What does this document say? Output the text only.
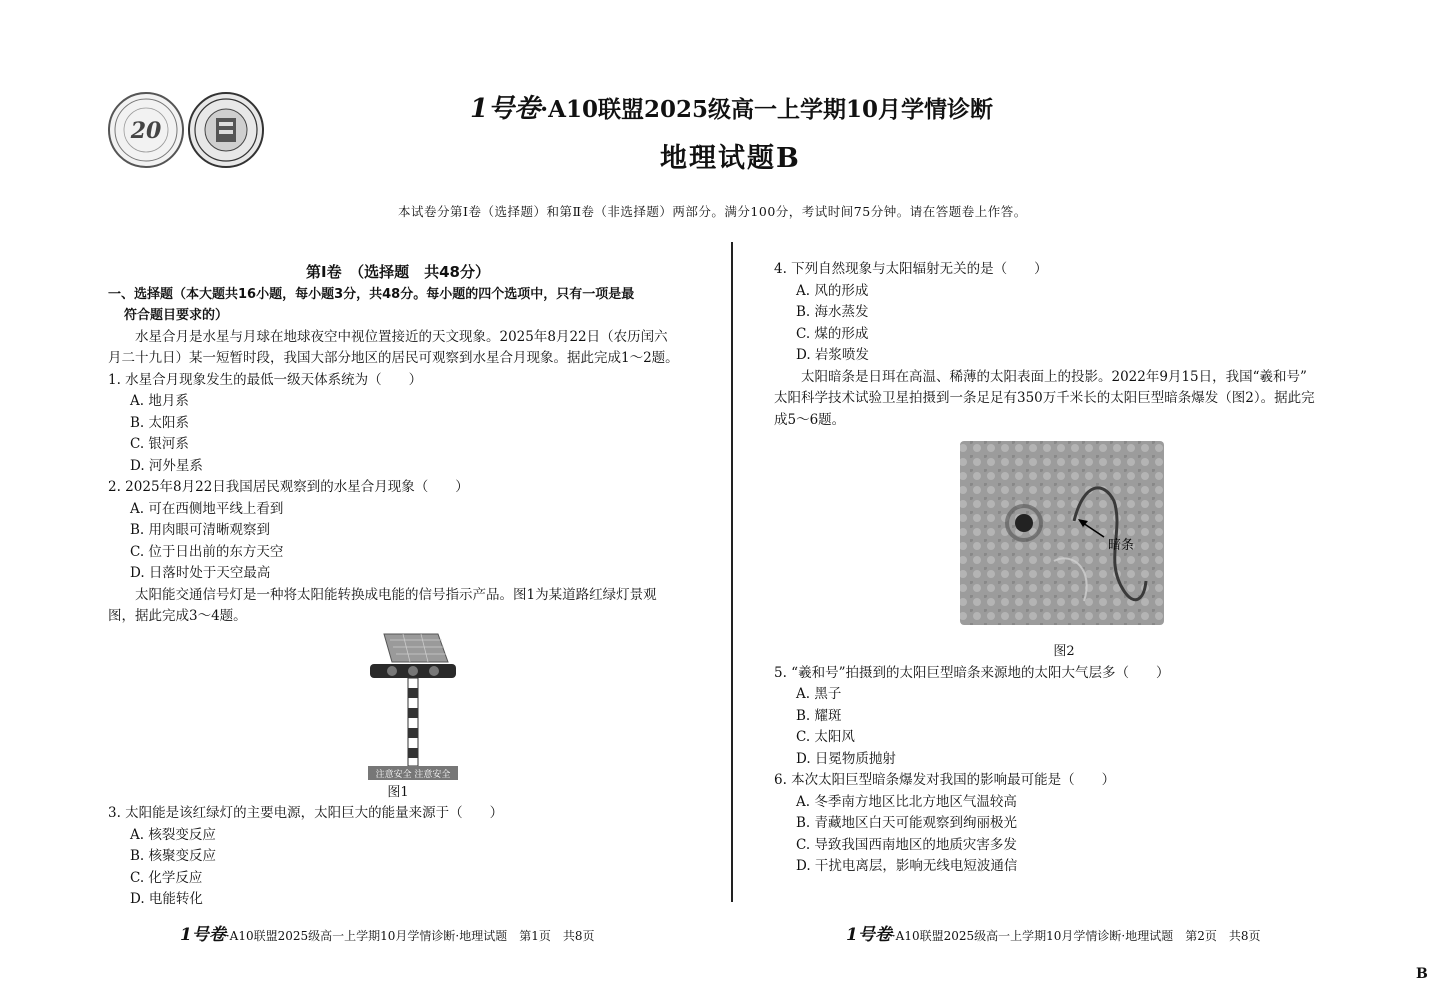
20
1号卷·A10联盟2025级高一上学期10月学情诊断
地理试题B
本试卷分第Ⅰ卷（选择题）和第Ⅱ卷（非选择题）两部分。满分100分，考试时间75分钟。请在答题卷上作答。
第Ⅰ卷　（选择题　共48分）
一、选择题（本大题共16小题，每小题3分，共48分。每小题的四个选项中，只有一项是最
符合题目要求的）
水星合月是水星与月球在地球夜空中视位置接近的天文现象。2025年8月22日（农历闰六
月二十九日）某一短暂时段，我国大部分地区的居民可观察到水星合月现象。据此完成1～2题。
1. 水星合月现象发生的最低一级天体系统为（　　）
A. 地月系
B. 太阳系
C. 银河系
D. 河外星系
2. 2025年8月22日我国居民观察到的水星合月现象（　　）
A. 可在西侧地平线上看到
B. 用肉眼可清晰观察到
C. 位于日出前的东方天空
D. 日落时处于天空最高
太阳能交通信号灯是一种将太阳能转换成电能的信号指示产品。图1为某道路红绿灯景观
图，据此完成3～4题。
注意安全 注意安全
图1
3. 太阳能是该红绿灯的主要电源，太阳巨大的能量来源于（　　）
A. 核裂变反应
B. 核聚变反应
C. 化学反应
D. 电能转化
4. 下列自然现象与太阳辐射无关的是（　　）
A. 风的形成
B. 海水蒸发
C. 煤的形成
D. 岩浆喷发
太阳暗条是日珥在高温、稀薄的太阳表面上的投影。2022年9月15日，我国“羲和号”
太阳科学技术试验卫星拍摄到一条足足有350万千米长的太阳巨型暗条爆发（图2）。据此完
成5～6题。
暗条
图2
5. “羲和号”拍摄到的太阳巨型暗条来源地的太阳大气层多（　　）
A. 黑子
B. 耀斑
C. 太阳风
D. 日冕物质抛射
6. 本次太阳巨型暗条爆发对我国的影响最可能是（　　）
A. 冬季南方地区比北方地区气温较高
B. 青藏地区白天可能观察到绚丽极光
C. 导致我国西南地区的地质灾害多发
D. 干扰电离层，影响无线电短波通信
1号卷·A10联盟2025级高一上学期10月学情诊断·地理试题　第1页　共8页	1号卷·A10联盟2025级高一上学期10月学情诊断·地理试题　第2页　共8页
B
